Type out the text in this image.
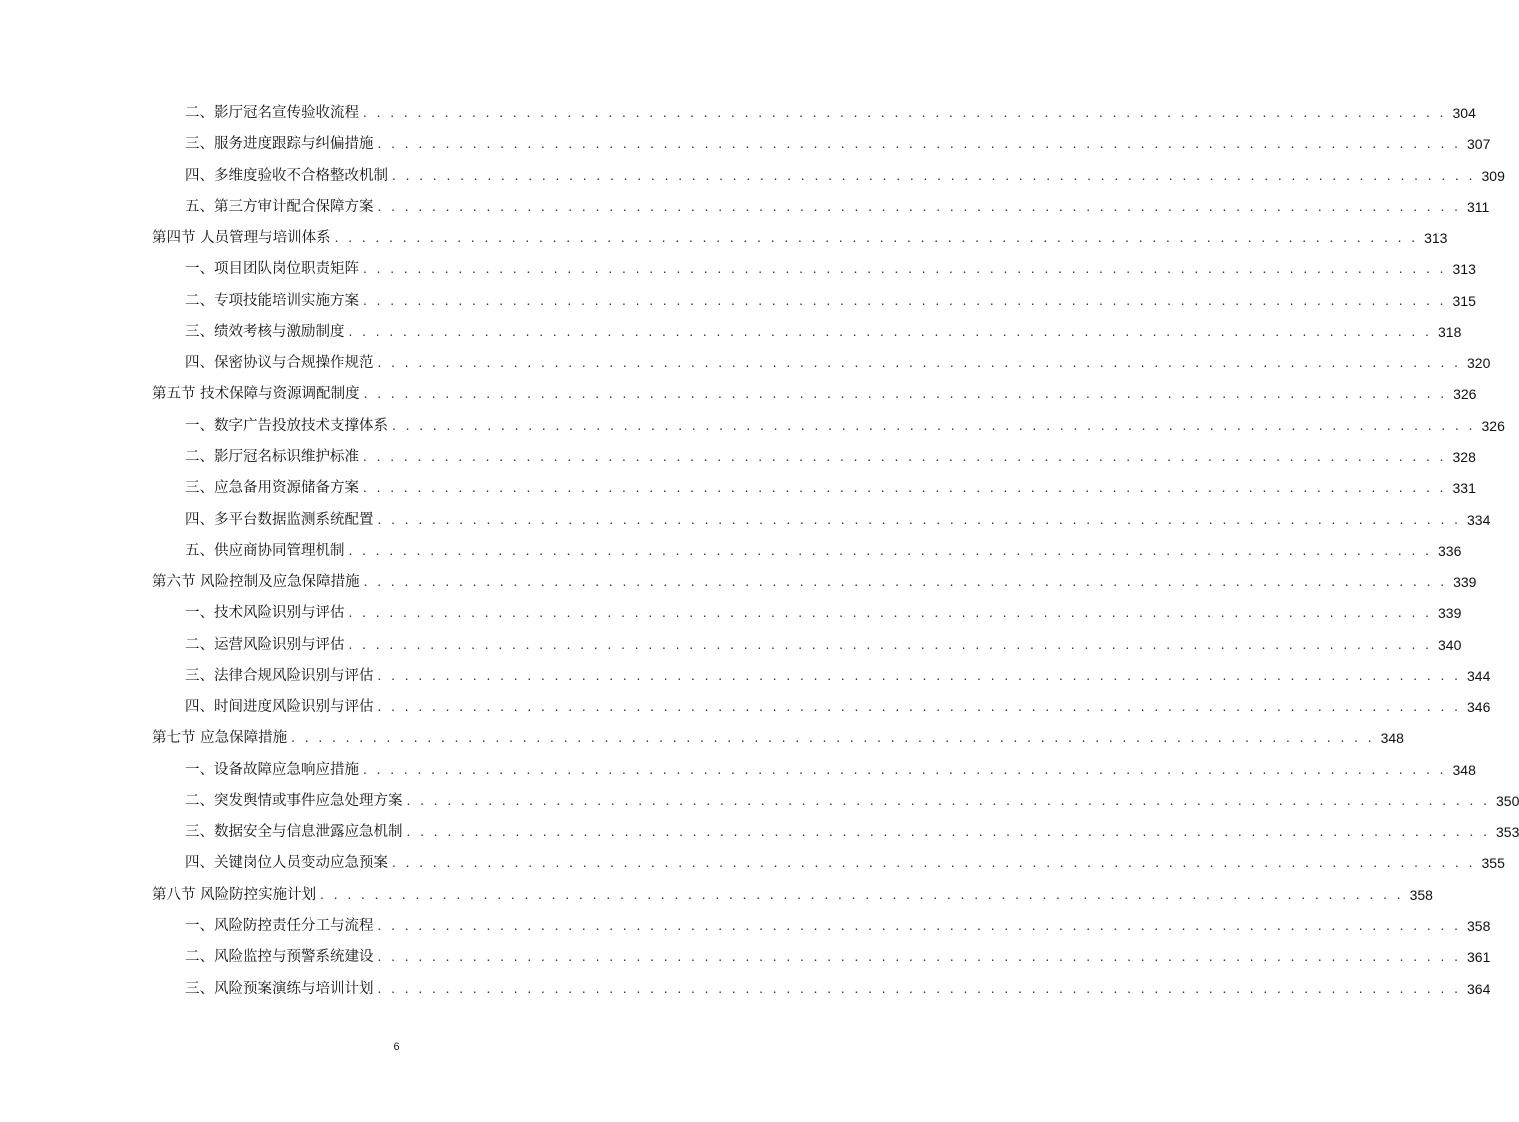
二、影厅冠名宣传验收流程 . . . . . . . . . . . . . . . . . . . . . . . . . . . . . . . . . . . . . . . . . . . . . . . . . . . . . . . . . . . . . . . . . . . . . . . . . . . . . . . . 304
三、服务进度跟踪与纠偏措施 . . . . . . . . . . . . . . . . . . . . . . . . . . . . . . . . . . . . . . . . . . . . . . . . . . . . . . . . . . . . . . . . . . . . . . . . . . . . . . . . 307
四、多维度验收不合格整改机制 . . . . . . . . . . . . . . . . . . . . . . . . . . . . . . . . . . . . . . . . . . . . . . . . . . . . . . . . . . . . . . . . . . . . . . . . . . . . . . . . 309
五、第三方审计配合保障方案 . . . . . . . . . . . . . . . . . . . . . . . . . . . . . . . . . . . . . . . . . . . . . . . . . . . . . . . . . . . . . . . . . . . . . . . . . . . . . . . . 311
第四节 人员管理与培训体系 . . . . . . . . . . . . . . . . . . . . . . . . . . . . . . . . . . . . . . . . . . . . . . . . . . . . . . . . . . . . . . . . . . . . . . . . . . . . . . . . 313
一、项目团队岗位职责矩阵 . . . . . . . . . . . . . . . . . . . . . . . . . . . . . . . . . . . . . . . . . . . . . . . . . . . . . . . . . . . . . . . . . . . . . . . . . . . . . . . . 313
二、专项技能培训实施方案 . . . . . . . . . . . . . . . . . . . . . . . . . . . . . . . . . . . . . . . . . . . . . . . . . . . . . . . . . . . . . . . . . . . . . . . . . . . . . . . . 315
三、绩效考核与激励制度 . . . . . . . . . . . . . . . . . . . . . . . . . . . . . . . . . . . . . . . . . . . . . . . . . . . . . . . . . . . . . . . . . . . . . . . . . . . . . . . . 318
四、保密协议与合规操作规范 . . . . . . . . . . . . . . . . . . . . . . . . . . . . . . . . . . . . . . . . . . . . . . . . . . . . . . . . . . . . . . . . . . . . . . . . . . . . . . . . 320
第五节 技术保障与资源调配制度 . . . . . . . . . . . . . . . . . . . . . . . . . . . . . . . . . . . . . . . . . . . . . . . . . . . . . . . . . . . . . . . . . . . . . . . . . . . . . . . . 326
一、数字广告投放技术支撑体系 . . . . . . . . . . . . . . . . . . . . . . . . . . . . . . . . . . . . . . . . . . . . . . . . . . . . . . . . . . . . . . . . . . . . . . . . . . . . . . . . 326
二、影厅冠名标识维护标准 . . . . . . . . . . . . . . . . . . . . . . . . . . . . . . . . . . . . . . . . . . . . . . . . . . . . . . . . . . . . . . . . . . . . . . . . . . . . . . . . 328
三、应急备用资源储备方案 . . . . . . . . . . . . . . . . . . . . . . . . . . . . . . . . . . . . . . . . . . . . . . . . . . . . . . . . . . . . . . . . . . . . . . . . . . . . . . . . 331
四、多平台数据监测系统配置 . . . . . . . . . . . . . . . . . . . . . . . . . . . . . . . . . . . . . . . . . . . . . . . . . . . . . . . . . . . . . . . . . . . . . . . . . . . . . . . . 334
五、供应商协同管理机制 . . . . . . . . . . . . . . . . . . . . . . . . . . . . . . . . . . . . . . . . . . . . . . . . . . . . . . . . . . . . . . . . . . . . . . . . . . . . . . . . 336
第六节 风险控制及应急保障措施 . . . . . . . . . . . . . . . . . . . . . . . . . . . . . . . . . . . . . . . . . . . . . . . . . . . . . . . . . . . . . . . . . . . . . . . . . . . . . . . . 339
一、技术风险识别与评估 . . . . . . . . . . . . . . . . . . . . . . . . . . . . . . . . . . . . . . . . . . . . . . . . . . . . . . . . . . . . . . . . . . . . . . . . . . . . . . . . 339
二、运营风险识别与评估 . . . . . . . . . . . . . . . . . . . . . . . . . . . . . . . . . . . . . . . . . . . . . . . . . . . . . . . . . . . . . . . . . . . . . . . . . . . . . . . . 340
三、法律合规风险识别与评估 . . . . . . . . . . . . . . . . . . . . . . . . . . . . . . . . . . . . . . . . . . . . . . . . . . . . . . . . . . . . . . . . . . . . . . . . . . . . . . . . 344
四、时间进度风险识别与评估 . . . . . . . . . . . . . . . . . . . . . . . . . . . . . . . . . . . . . . . . . . . . . . . . . . . . . . . . . . . . . . . . . . . . . . . . . . . . . . . . 346
第七节 应急保障措施 . . . . . . . . . . . . . . . . . . . . . . . . . . . . . . . . . . . . . . . . . . . . . . . . . . . . . . . . . . . . . . . . . . . . . . . . . . . . . . . . 348
一、设备故障应急响应措施 . . . . . . . . . . . . . . . . . . . . . . . . . . . . . . . . . . . . . . . . . . . . . . . . . . . . . . . . . . . . . . . . . . . . . . . . . . . . . . . . 348
二、突发舆情或事件应急处理方案 . . . . . . . . . . . . . . . . . . . . . . . . . . . . . . . . . . . . . . . . . . . . . . . . . . . . . . . . . . . . . . . . . . . . . . . . . . . . . . . . 350
三、数据安全与信息泄露应急机制 . . . . . . . . . . . . . . . . . . . . . . . . . . . . . . . . . . . . . . . . . . . . . . . . . . . . . . . . . . . . . . . . . . . . . . . . . . . . . . . . 353
四、关键岗位人员变动应急预案 . . . . . . . . . . . . . . . . . . . . . . . . . . . . . . . . . . . . . . . . . . . . . . . . . . . . . . . . . . . . . . . . . . . . . . . . . . . . . . . . 355
第八节 风险防控实施计划 . . . . . . . . . . . . . . . . . . . . . . . . . . . . . . . . . . . . . . . . . . . . . . . . . . . . . . . . . . . . . . . . . . . . . . . . . . . . . . . . 358
一、风险防控责任分工与流程 . . . . . . . . . . . . . . . . . . . . . . . . . . . . . . . . . . . . . . . . . . . . . . . . . . . . . . . . . . . . . . . . . . . . . . . . . . . . . . . . 358
二、风险监控与预警系统建设 . . . . . . . . . . . . . . . . . . . . . . . . . . . . . . . . . . . . . . . . . . . . . . . . . . . . . . . . . . . . . . . . . . . . . . . . . . . . . . . . 361
三、风险预案演练与培训计划 . . . . . . . . . . . . . . . . . . . . . . . . . . . . . . . . . . . . . . . . . . . . . . . . . . . . . . . . . . . . . . . . . . . . . . . . . . . . . . . . 364
6
